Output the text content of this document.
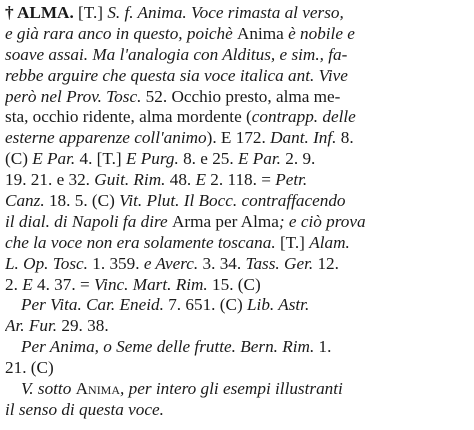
† ALMA. [T.] S. f. Anima. Voce rimasta al verso,
e già rara anco in questo, poichè Anima è nobile e
soave assai. Ma l'analogia con Alditus, e sim., fa-
rebbe arguire che questa sia voce italica ant. Vive
però nel Prov. Tosc. 52. Occhio presto, alma me-
sta, occhio ridente, alma mordente (contrapp. delle
esterne apparenze coll'animo). E 172. Dant. Inf. 8.
(C) E Par. 4. [T.] E Purg. 8. e 25. E Par. 2. 9.
19. 21. e 32. Guit. Rim. 48. E 2. 118. = Petr.
Canz. 18. 5. (C) Vit. Plut. Il Bocc. contraffacendo
il dial. di Napoli fa dire Arma per Alma; e ciò prova
che la voce non era solamente toscana. [T.] Alam.
L. Op. Tosc. 1. 359. e Averc. 3. 34. Tass. Ger. 12.
2. E 4. 37. = Vinc. Mart. Rim. 15. (C)
Per Vita. Car. Eneid. 7. 651. (C) Lib. Astr.
Ar. Fur. 29. 38.
Per Anima, o Seme delle frutte. Bern. Rim. 1.
21. (C)
V. sotto Anima, per intero gli esempi illustranti
il senso di questa voce.
